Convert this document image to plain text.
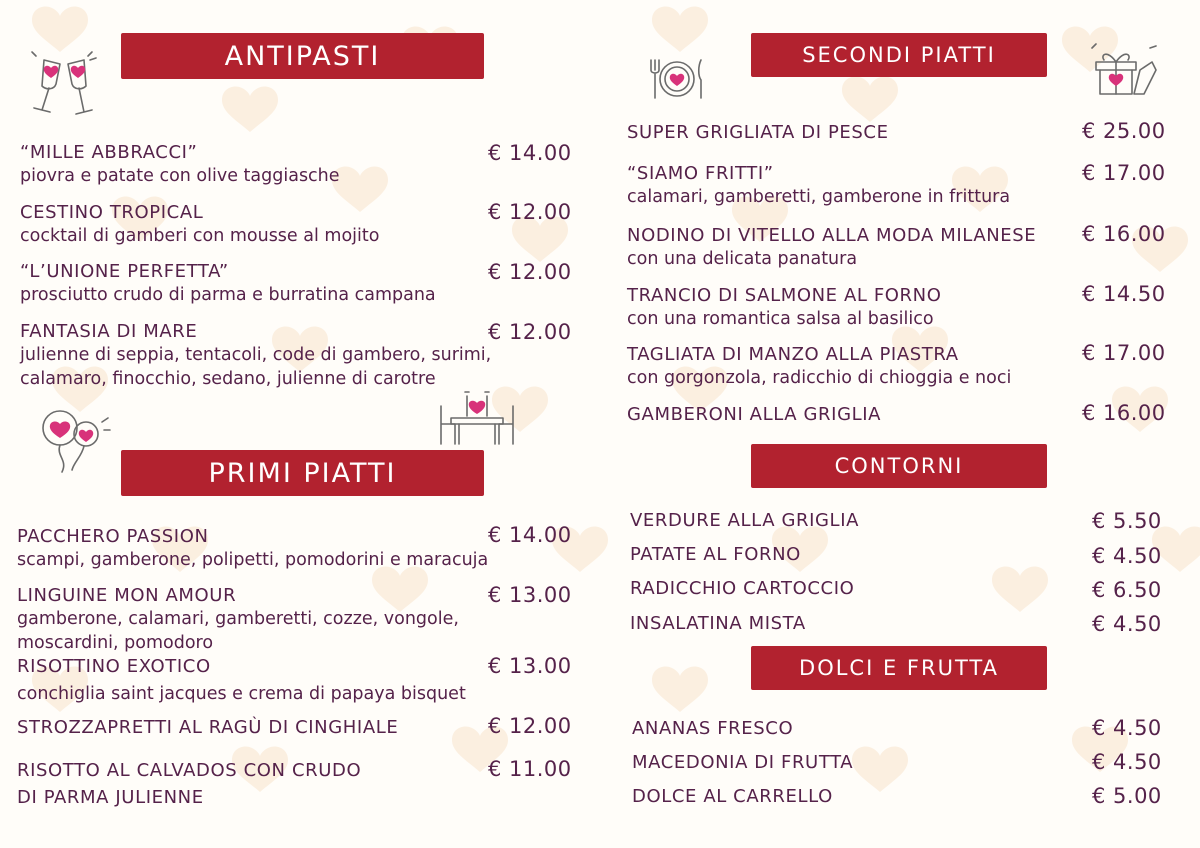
ANTIPASTI
“MILLE ABBRACCI”
piovra e patate con olive taggiasche
€ 14.00
CESTINO TROPICAL
cocktail di gamberi con mousse al mojito
€ 12.00
“L’UNIONE PERFETTA”
prosciutto crudo di parma e burratina campana
€ 12.00
FANTASIA DI MARE
julienne di seppia, tentacoli, code di gambero, surimi,
calamaro, finocchio, sedano, julienne di carotre
€ 12.00
PRIMI PIATTI
PACCHERO PASSION
scampi, gamberone, polipetti, pomodorini e maracuja
€ 14.00
LINGUINE MON AMOUR
gamberone, calamari, gamberetti, cozze, vongole,
moscardini, pomodoro
€ 13.00
RISOTTINO EXOTICO
conchiglia saint jacques e crema di papaya bisquet
€ 13.00
STROZZAPRETTI AL RAGÙ DI CINGHIALE	€ 12.00
RISOTTO AL CALVADOS CON CRUDO
DI PARMA JULIENNE
€ 11.00
SECONDI PIATTI
SUPER GRIGLIATA DI PESCE	€ 25.00
“SIAMO FRITTI”
calamari, gamberetti, gamberone in frittura
€ 17.00
NODINO DI VITELLO ALLA MODA MILANESE
con una delicata panatura
€ 16.00
TRANCIO DI SALMONE AL FORNO
con una romantica salsa al basilico
€ 14.50
TAGLIATA DI MANZO ALLA PIASTRA
con gorgonzola, radicchio di chioggia e noci
€ 17.00
GAMBERONI ALLA GRIGLIA	€ 16.00
CONTORNI
VERDURE ALLA GRIGLIA	€ 5.50
PATATE AL FORNO	€ 4.50
RADICCHIO CARTOCCIO	€ 6.50
INSALATINA MISTA	€ 4.50
DOLCI E FRUTTA
ANANAS FRESCO	€ 4.50
MACEDONIA DI FRUTTA	€ 4.50
DOLCE AL CARRELLO	€ 5.00
